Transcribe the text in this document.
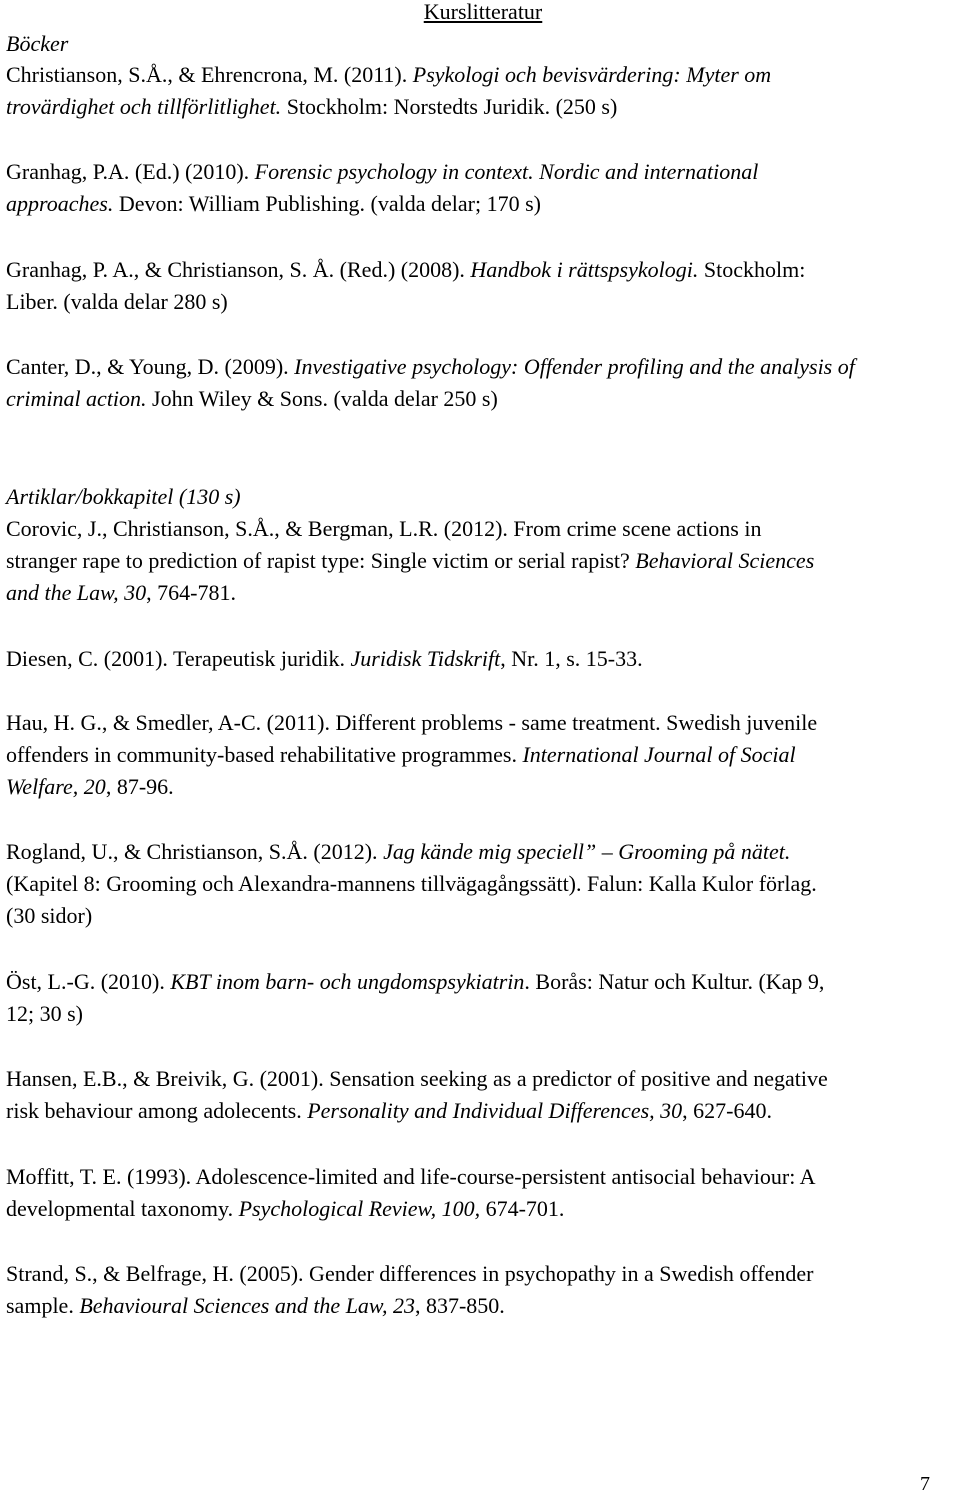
Kurslitteratur
Böcker
Christianson, S.Å., & Ehrencrona, M. (2011). Psykologi och bevisvärdering: Myter om
trovärdighet och tillförlitlighet. Stockholm: Norstedts Juridik. (250 s)
Granhag, P.A. (Ed.) (2010). Forensic psychology in context. Nordic and international
approaches. Devon: William Publishing. (valda delar; 170 s)
Granhag, P. A., & Christianson, S. Å. (Red.) (2008). Handbok i rättspsykologi. Stockholm:
Liber. (valda delar 280 s)
Canter, D., & Young, D. (2009). Investigative psychology: Offender profiling and the analysis of
criminal action. John Wiley & Sons. (valda delar 250 s)
Artiklar/bokkapitel (130 s)
Corovic, J., Christianson, S.Å., & Bergman, L.R. (2012). From crime scene actions in
stranger rape to prediction of rapist type: Single victim or serial rapist? Behavioral Sciences
and the Law, 30, 764-781.
Diesen, C. (2001). Terapeutisk juridik. Juridisk Tidskrift, Nr. 1, s. 15-33.
Hau, H. G., & Smedler, A-C. (2011). Different problems - same treatment. Swedish juvenile
offenders in community-based rehabilitative programmes. International Journal of Social
Welfare, 20, 87-96.
Rogland, U., & Christianson, S.Å. (2012). Jag kände mig speciell” – Grooming på nätet.
(Kapitel 8: Grooming och Alexandra-mannens tillvägagångssätt). Falun: Kalla Kulor förlag.
(30 sidor)
Öst, L.-G. (2010). KBT inom barn- och ungdomspsykiatrin. Borås: Natur och Kultur. (Kap 9,
12; 30 s)
Hansen, E.B., & Breivik, G. (2001). Sensation seeking as a predictor of positive and negative
risk behaviour among adolecents. Personality and Individual Differences, 30, 627-640.
Moffitt, T. E. (1993). Adolescence-limited and life-course-persistent antisocial behaviour: A
developmental taxonomy. Psychological Review, 100, 674-701.
Strand, S., & Belfrage, H. (2005). Gender differences in psychopathy in a Swedish offender
sample. Behavioural Sciences and the Law, 23, 837-850.
7
